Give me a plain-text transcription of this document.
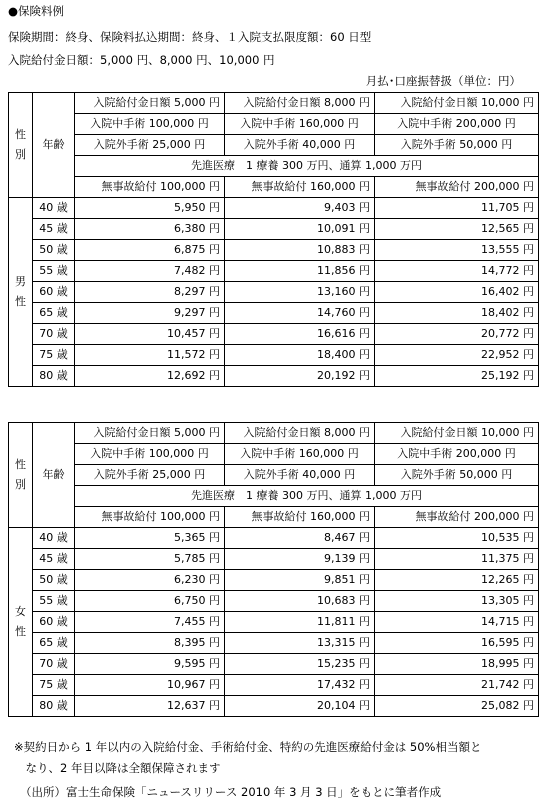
●保険料例
保険期間：終身、保険料払込期間：終身、１入院支払限度額：60 日型
入院給付金日額：5,000 円、8,000 円、10,000 円
月払･口座振替扱（単位：円）
性
別	年齢	入院給付金日額 5,000 円	入院給付金日額 8,000 円	入院給付金日額 10,000 円
		入院中手術 100,000 円	入院中手術 160,000 円	入院中手術 200,000 円
		入院外手術 25,000 円	入院外手術 40,000 円	入院外手術 50,000 円
		先進医療　1 療養 300 万円、通算 1,000 万円		
		無事故給付 100,000 円	無事故給付 160,000 円	無事故給付 200,000 円

男
性	40 歳	5,950 円	9,403 円	11,705 円
	45 歳	6,380 円	10,091 円	12,565 円
	50 歳	6,875 円	10,883 円	13,555 円
	55 歳	7,482 円	11,856 円	14,772 円
	60 歳	8,297 円	13,160 円	16,402 円
	65 歳	9,297 円	14,760 円	18,402 円
	70 歳	10,457 円	16,616 円	20,772 円
	75 歳	11,572 円	18,400 円	22,952 円
	80 歳	12,692 円	20,192 円	25,192 円
性
別	年齢	入院給付金日額 5,000 円	入院給付金日額 8,000 円	入院給付金日額 10,000 円
		入院中手術 100,000 円	入院中手術 160,000 円	入院中手術 200,000 円
		入院外手術 25,000 円	入院外手術 40,000 円	入院外手術 50,000 円
		先進医療　1 療養 300 万円、通算 1,000 万円		
		無事故給付 100,000 円	無事故給付 160,000 円	無事故給付 200,000 円

女
性	40 歳	5,365 円	8,467 円	10,535 円
	45 歳	5,785 円	9,139 円	11,375 円
	50 歳	6,230 円	9,851 円	12,265 円
	55 歳	6,750 円	10,683 円	13,305 円
	60 歳	7,455 円	11,811 円	14,715 円
	65 歳	8,395 円	13,315 円	16,595 円
	70 歳	9,595 円	15,235 円	18,995 円
	75 歳	10,967 円	17,432 円	21,742 円
	80 歳	12,637 円	20,104 円	25,082 円
※契約日から 1 年以内の入院給付金、手術給付金、特約の先進医療給付金は 50%相当額と
　なり、2 年目以降は全額保障されます
（出所）富士生命保険「ニュースリリース 2010 年 3 月 3 日」をもとに筆者作成
